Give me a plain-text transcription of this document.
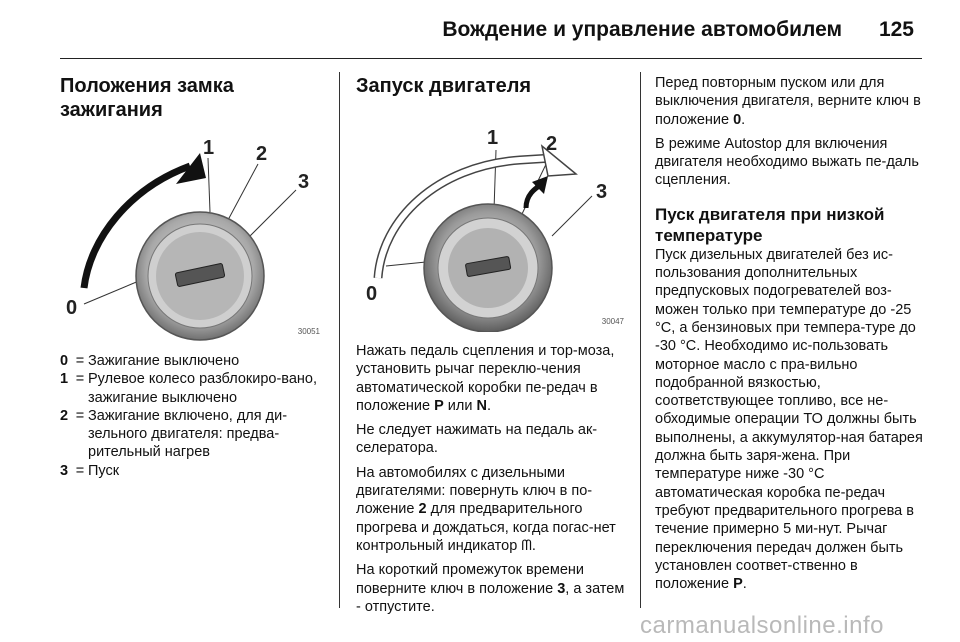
Вождение и управление автомобилем 125
Положения замка зажигания
1 2
3
0
30051
0 = Зажигание выключено
1 = Рулевое колесо разблокиро-вано, зажигание выключено
2 = Зажигание включено, для ди-зельного двигателя: предва-рительный нагрев
3 = Пуск
Запуск двигателя
1 2
3
0
30047

Нажать педаль сцепления и тор-моза, установить рычаг переклю-чения автоматической коробки пе-редач в положение P или N.

Не следует нажимать на педаль ак-селератора.

На автомобилях с дизельными двигателями: повернуть ключ в по-ложение 2 для предварительного прогрева и дождаться, когда погас-нет контрольный индикатор ᗰ.

На короткий промежуток времени поверните ключ в положение 3, а затем - отпустите.

Перед повторным пуском или для выключения двигателя, верните ключ в положение 0.

В режиме Autostop для включения двигателя необходимо выжать пе-даль сцепления.

Пуск двигателя при низкой температуре

Пуск дизельных двигателей без ис-пользования дополнительных предпусковых подогревателей воз-можен только при температуре до -25 °C, а бензиновых при темпера-туре до -30 °C. Необходимо ис-пользовать моторное масло с пра-вильно подобранной вязкостью, соответствующее топливо, все не-обходимые операции ТО должны быть выполнены, а аккумулятор-ная батарея должна быть заря-жена. При температуре ниже -30 °C автоматическая коробка пе-редач требуют предварительного прогрева в течение примерно 5 ми-нут. Рычаг переключения передач должен быть установлен соответ-ственно в положение P.

carmanualsonline.info
